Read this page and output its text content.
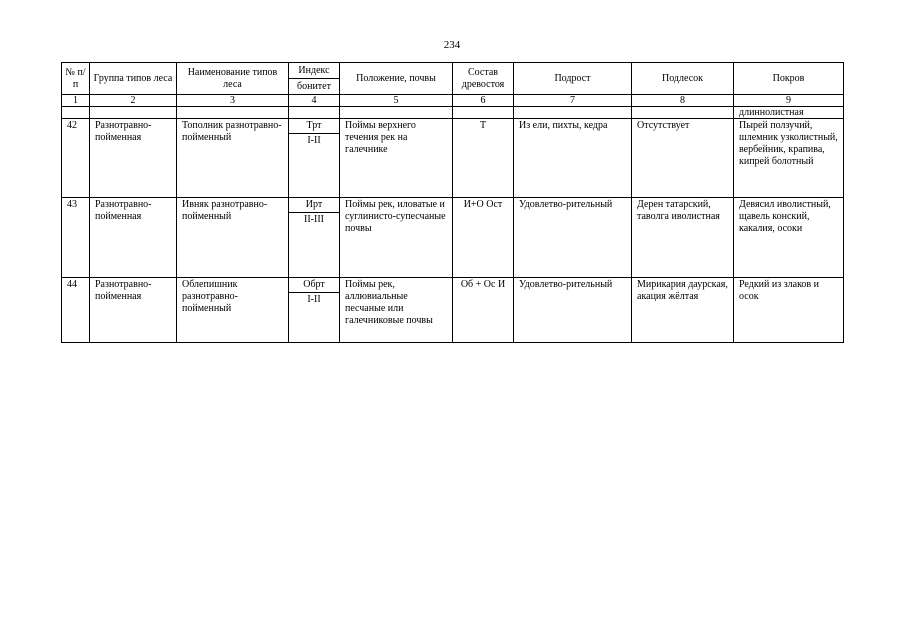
234
№ п/п	Группа типов леса	Наименование типов леса	Индекс	Положение, почвы	Состав древостоя	Подрост	Подлесок	Покров
			бонитет					
1	2	3	4	5	6	7	8	9
								длиннолистная
42	Разнотравно-пойменная	Тополник разнотравно-пойменный	Трт	Поймы верхнего течения рек на галечнике	Т	Из ели, пихты, кедра	Отсутствует	Пырей ползучий, шлемник узколистный, вербейник, крапива, кипрей болотный
			I-II					
43	Разнотравно-пойменная	Ивняк разнотравно-пойменный	Ирт	Поймы рек, иловатые и суглинисто-супесчаные почвы	И+О Ост	Удовлетво-рительный	Дерен татарский, таволга иволистная	Девясил иволистный, щавель конский, какалия, осоки
			II-III					
44	Разнотравно-пойменная	Облепишник разнотравно-пойменный	Обрт	Поймы рек, аллювиальные песчаные или галечниковые почвы	Об + Ос И	Удовлетво-рительный	Мирикария даурская, акация жёлтая	Редкий из злаков и осок
			I-II					
